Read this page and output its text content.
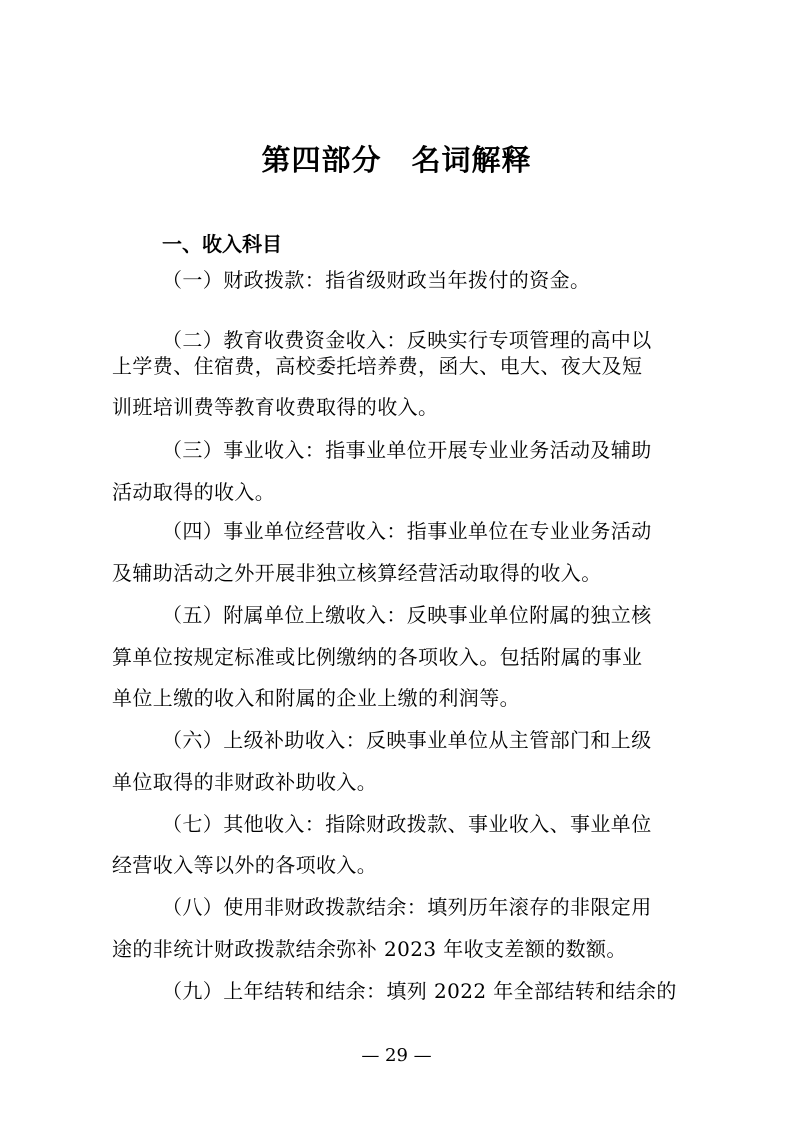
第四部分　名词解释
一、收入科目

（一）财政拨款：指省级财政当年拨付的资金。

（二）教育收费资金收入：反映实行专项管理的高中以

上学费、住宿费，高校委托培养费，函大、电大、夜大及短

训班培训费等教育收费取得的收入。

（三）事业收入：指事业单位开展专业业务活动及辅助

活动取得的收入。

（四）事业单位经营收入：指事业单位在专业业务活动

及辅助活动之外开展非独立核算经营活动取得的收入。

（五）附属单位上缴收入：反映事业单位附属的独立核

算单位按规定标准或比例缴纳的各项收入。包括附属的事业

单位上缴的收入和附属的企业上缴的利润等。

（六）上级补助收入：反映事业单位从主管部门和上级

单位取得的非财政补助收入。

（七）其他收入：指除财政拨款、事业收入、事业单位

经营收入等以外的各项收入。

（八）使用非财政拨款结余：填列历年滚存的非限定用

途的非统计财政拨款结余弥补 2023 年收支差额的数额。

（九）上年结转和结余：填列 2022 年全部结转和结余的

— 29 —
